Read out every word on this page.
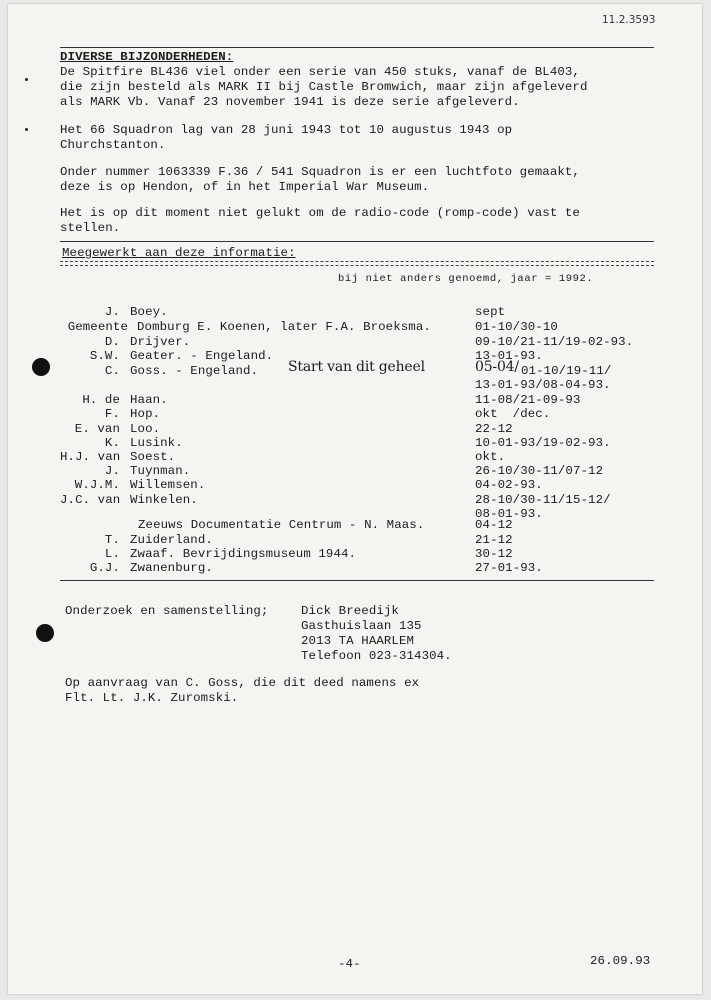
11.2.3593
DIVERSE BIJZONDERHEDEN:
De Spitfire BL436 viel onder een serie van 450 stuks, vanaf de BL403,
die zijn besteld als MARK II bij Castle Bromwich, maar zijn afgeleverd
als MARK Vb. Vanaf 23 november 1941 is deze serie afgeleverd.
Het 66 Squadron lag van 28 juni 1943 tot 10 augustus 1943 op
Churchstanton.
Onder nummer 1063339 F.36 / 541 Squadron is er een luchtfoto gemaakt,
deze is op Hendon, of in het Imperial War Museum.
Het is op dit moment niet gelukt om de radio-code (romp-code) vast te
stellen.
Meegewerkt aan deze informatie:
bij niet anders genoemd, jaar = 1992.
J. Boey.
Gemeente Domburg E. Koenen, later F.A. Broeksma.
D. Drijver.
S.W. Geater. - Engeland.
C. Goss. - Engeland. Start van dit geheel
H. de Haan.
F. Hop.
E. van Loo.
K. Lusink.
H.J. van Soest.
J. Tuynman.
W.J.M. Willemsen.
J.C. van Winkelen.
Zeeuws Documentatie Centrum - N. Maas.
T. Zuiderland.
L. Zwaaf. Bevrijdingsmuseum 1944.
G.J. Zwanenburg.
sept
01-10/30-10
09-10/21-11/19-02-93.
13-01-93.
05-04/ 01-10/19-11/
13-01-93/08-04-93.
11-08/21-09-93
okt  /dec.
22-12
10-01-93/19-02-93.
okt.
26-10/30-11/07-12
04-02-93.
28-10/30-11/15-12/
08-01-93.
04-12
21-12
30-12
27-01-93.
Onderzoek en samenstelling;	Dick Breedijk
Gasthuislaan 135
2013 TA HAARLEM
Telefoon 023-314304.
Op aanvraag van C. Goss, die dit deed namens ex
Flt. Lt. J.K. Zuromski.
-4-	26.09.93
